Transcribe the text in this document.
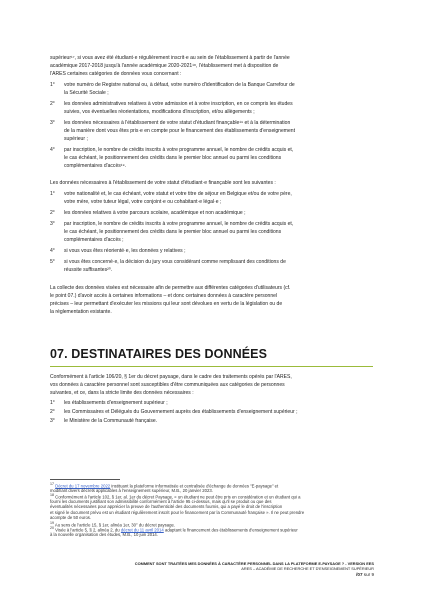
supérieur¹⁷, si vous avez été étudiant·e régulièrement inscrit·e au sein de l'établissement à partir de l'année
académique 2017-2018 jusqu'à l'année académique 2020-2021¹⁸, l'établissement met à disposition de
l'ARES certaines catégories de données vous concernant :
1° votre numéro de Registre national ou, à défaut, votre numéro d'identification de la Banque Carrefour de
la Sécurité Sociale ;
2° les données administratives relatives à votre admission et à votre inscription, en ce compris les études
suivies, vos éventuelles réorientations, modifications d'inscription, et/ou allègements ;
3° les données nécessaires à l'établissement de votre statut d'étudiant finançable¹⁹ et à la détermination
de la manière dont vous êtes pris·e en compte pour le financement des établissements d'enseignement
supérieur ;
4° par inscription, le nombre de crédits inscrits à votre programme annuel, le nombre de crédits acquis et,
le cas échéant, le positionnement des crédits dans le premier bloc annuel ou parmi les conditions
complémentaires d'accès¹⁹.
Les données nécessaires à l'établissement de votre statut d'étudiant·e finançable sont les suivantes :
1° votre nationalité et, le cas échéant, votre statut et votre titre de séjour en Belgique et/ou de votre père,
votre mère, votre tuteur légal, votre conjoint·e ou cohabitant·e légal·e ;
2° les données relatives à votre parcours scolaire, académique et non académique ;
3° par inscription, le nombre de crédits inscrits à votre programme annuel, le nombre de crédits acquis et,
le cas échéant, le positionnement des crédits dans le premier bloc annuel ou parmi les conditions
complémentaires d'accès ;
4° si vous vous êtes réorienté·e, les données y relatives ;
5° si vous êtes concerné·e, la décision du jury vous considérant comme remplissant des conditions de
réussite suffisantes²⁰.
La collecte des données visées est nécessaire afin de permettre aux différentes catégories d'utilisateurs (cf.
le point 07.) d'avoir accès à certaines informations – et donc certaines données à caractère personnel
précises – leur permettant d'exécuter les missions qui leur sont dévolues en vertu de la législation ou de
la réglementation existante.
07. DESTINATAIRES DES DONNÉES
Conformément à l'article 106/20, § 1er du décret paysage, dans le cadre des traitements opérés par l'ARES,
vos données à caractère personnel sont susceptibles d'être communiquées aux catégories de personnes
suivantes, et ce, dans la stricte limite des données nécessaires :
1° les établissements d'enseignement supérieur ;
2° les Commissaires et Délégués du Gouvernement auprès des établissements d'enseignement supérieur ;
3° le Ministère de la Communauté française.
$^{17}$ Décret du 17 novembre 2022 instituant la plateforme informatisée et centralisée d'échange de données "E-paysage" et
modifiant divers décrets applicables à l'enseignement supérieur, M.B., 20 janvier 2023.
$^{18}$ Conformément à l'article 102, § 1er, al. 1er du décret Paysage, « un étudiant ne peut être pris en considération et un étudiant qui a
fourni les documents justifiant son admissibilité conformément à l'article 95 ci-dessus, mais qu'il se produit ou que des
éventualités nécessaires pour apprécier la preuve de l'authenticité des documents fournis, qui a payé le droit de l'inscription
et signé le document prévu est un étudiant régulièrement inscrit pour le financement par la Communauté française ». Il ne peut prendre
acompte de 50 euros.
$^{19}$ Au sens de l'article 15, § 1er, alinéa 1er, 30° du décret paysage.
$^{20}$ Visée à l'article 5, § 2, alinéa 2, du décret du 11 avril 2014 adaptant le financement des établissements d'enseignement supérieur
à la nouvelle organisation des études, M.B., 10 juin 2014.
COMMENT SONT TRAITÉES MES DONNÉES À CARACTÈRE PERSONNEL DANS LA PLATEFORME E-PAYSAGE ? - VERSION EES
ARES – ACADÉMIE DE RECHERCHE ET D'ENSEIGNEMENT SUPÉRIEUR
/07 sur 9
